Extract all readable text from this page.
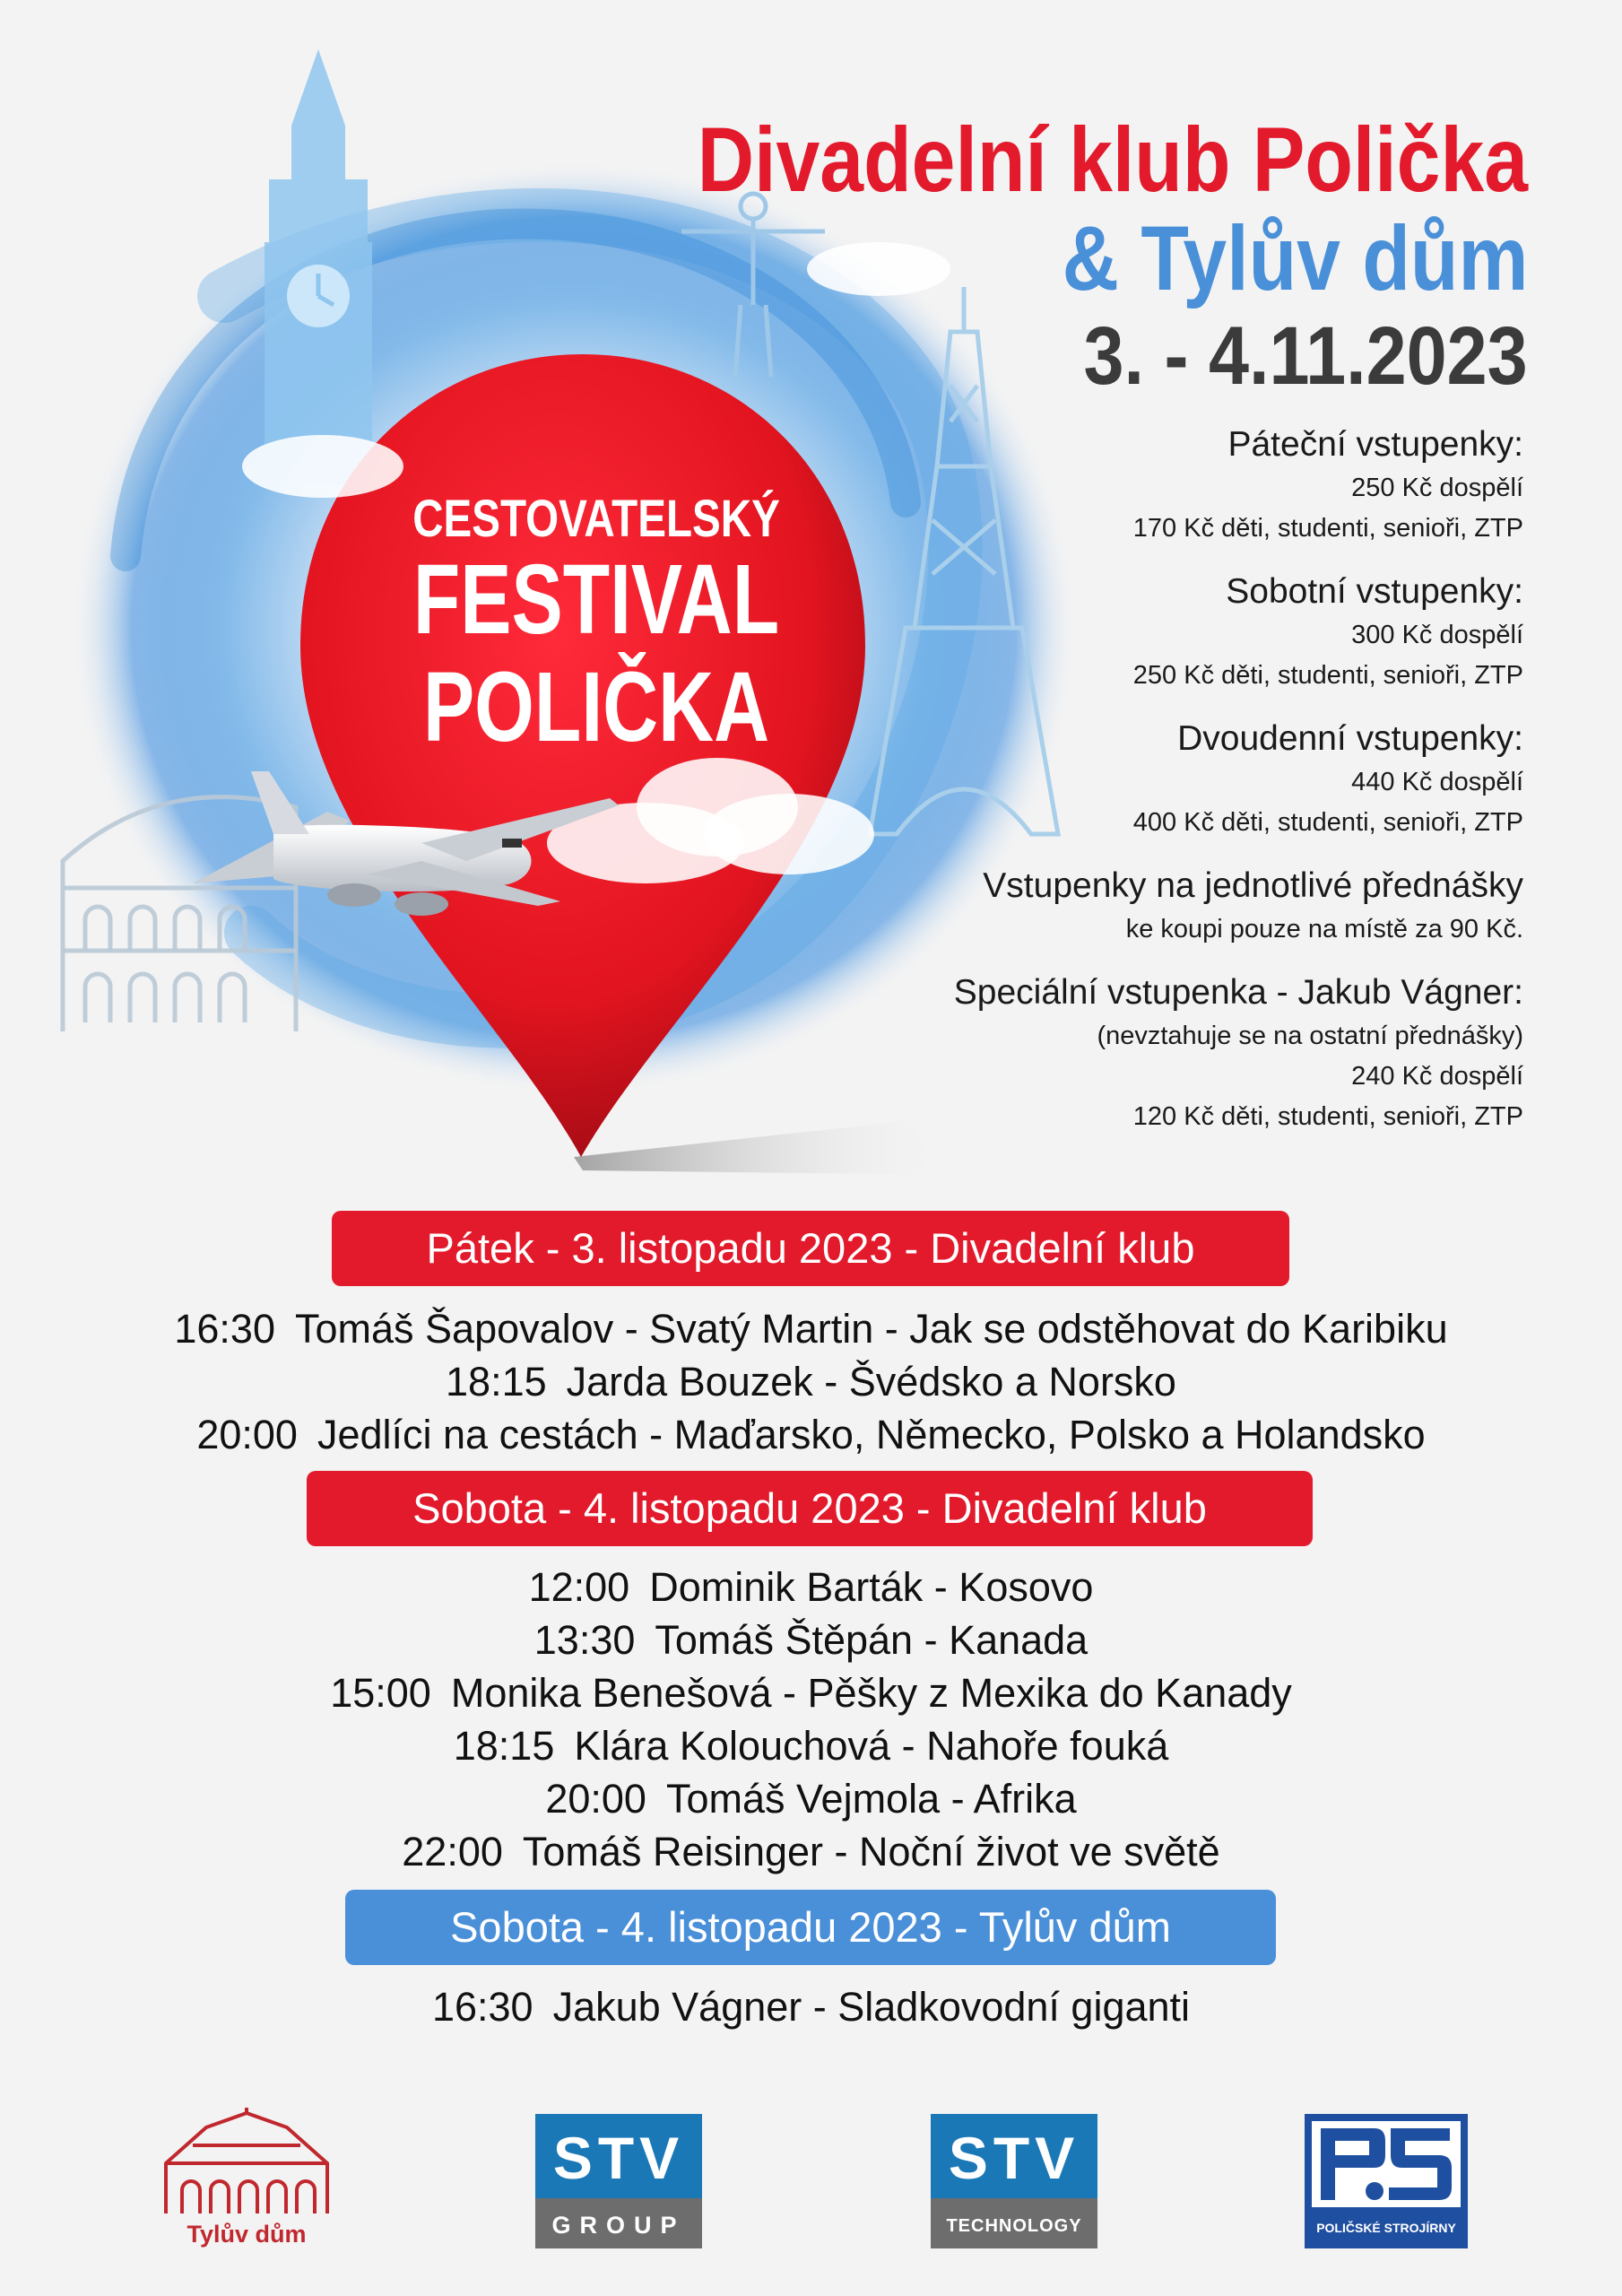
Divadelní klub Polička
& Tylův dům
3. - 4.11.2023
CESTOVATELSKÝ
FESTIVAL
POLIČKA
Páteční vstupenky:
250 Kč dospělí
170 Kč děti, studenti, senioři, ZTP
Sobotní vstupenky:
300 Kč dospělí
250 Kč děti, studenti, senioři, ZTP
Dvoudenní vstupenky:
440 Kč dospělí
400 Kč děti, studenti, senioři, ZTP
Vstupenky na jednotlivé přednášky
ke koupi pouze na místě za 90 Kč.
Speciální vstupenka - Jakub Vágner:
(nevztahuje se na ostatní přednášky)
240 Kč dospělí
120 Kč děti, studenti, senioři, ZTP
Pátek - 3. listopadu 2023 - Divadelní klub
16:30 Tomáš Šapovalov - Svatý Martin - Jak se odstěhovat do Karibiku
18:15 Jarda Bouzek - Švédsko a Norsko
20:00 Jedlíci na cestách - Maďarsko, Německo, Polsko a Holandsko
Sobota - 4. listopadu 2023 - Divadelní klub
12:00 Dominik Barták - Kosovo
13:30 Tomáš Štěpán - Kanada
15:00 Monika Benešová - Pěšky z Mexika do Kanady
18:15 Klára Kolouchová - Nahoře fouká
20:00 Tomáš Vejmola - Afrika
22:00 Tomáš Reisinger - Noční život ve světě
Sobota - 4. listopadu 2023 - Tylův dům
16:30 Jakub Vágner - Sladkovodní giganti
Tylův dům
STV
GROUP
STV
TECHNOLOGY	POLIČSKÉ STROJÍRNY
